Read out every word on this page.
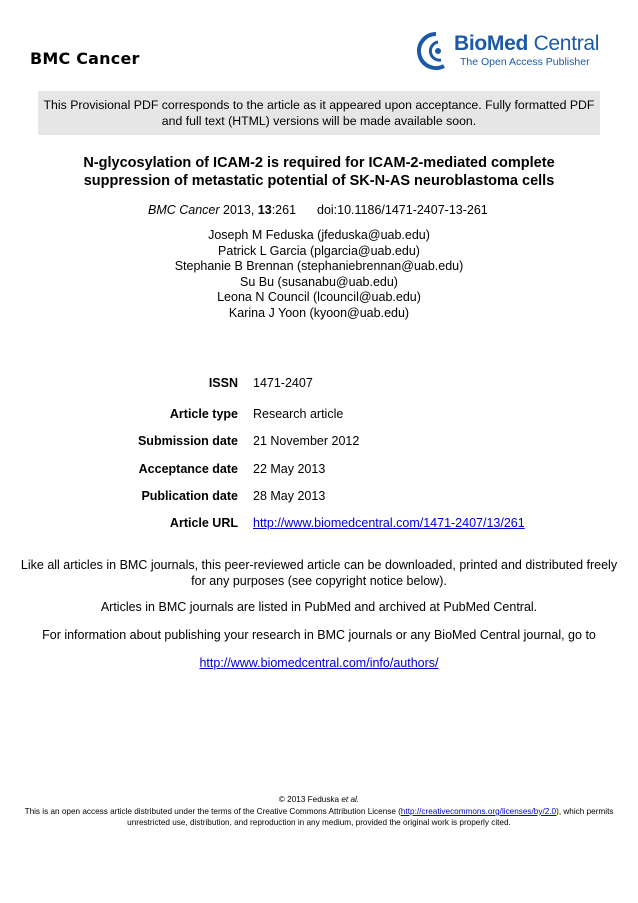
BMC Cancer
BioMed Central
The Open Access Publisher
This Provisional PDF corresponds to the article as it appeared upon acceptance. Fully formatted PDF and full text (HTML) versions will be made available soon.
N-glycosylation of ICAM-2 is required for ICAM-2-mediated complete suppression of metastatic potential of SK-N-AS neuroblastoma cells
BMC Cancer 2013, 13:261 doi:10.1186/1471-2407-13-261
Joseph M Feduska (jfeduska@uab.edu)
Patrick L Garcia (plgarcia@uab.edu)
Stephanie B Brennan (stephaniebrennan@uab.edu)
Su Bu (susanabu@uab.edu)
Leona N Council (lcouncil@uab.edu)
Karina J Yoon (kyoon@uab.edu)
ISSN 1471-2407
Article type Research article
Submission date 21 November 2012
Acceptance date 22 May 2013
Publication date 28 May 2013
Article URL http://www.biomedcentral.com/1471-2407/13/261
Like all articles in BMC journals, this peer-reviewed article can be downloaded, printed and distributed freely for any purposes (see copyright notice below).
Articles in BMC journals are listed in PubMed and archived at PubMed Central.
For information about publishing your research in BMC journals or any BioMed Central journal, go to
http://www.biomedcentral.com/info/authors/
© 2013 Feduska et al.
This is an open access article distributed under the terms of the Creative Commons Attribution License (http://creativecommons.org/licenses/by/2.0), which permits unrestricted use, distribution, and reproduction in any medium, provided the original work is properly cited.
